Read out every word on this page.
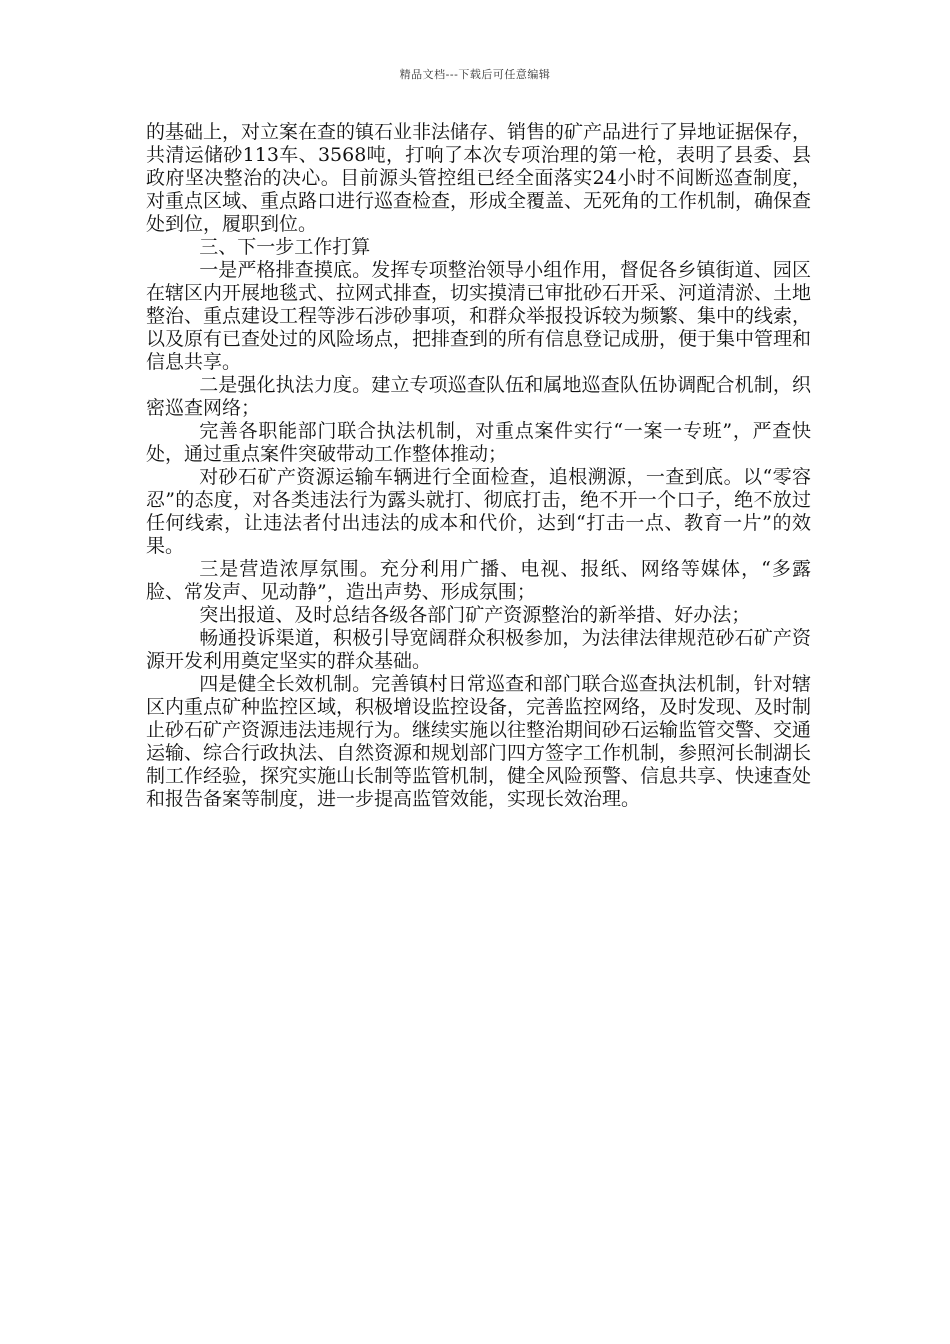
精品文档---下载后可任意编辑

的基础上，对立案在查的镇石业非法储存、销售的矿产品进行了异地证据保存，共清运储砂113车、3568吨，打响了本次专项治理的第一枪，表明了县委、县政府坚决整治的决心。目前源头管控组已经全面落实24小时不间断巡查制度，对重点区域、重点路口进行巡查检查，形成全覆盖、无死角的工作机制，确保查处到位，履职到位。

三、下一步工作打算

一是严格排查摸底。发挥专项整治领导小组作用，督促各乡镇街道、园区在辖区内开展地毯式、拉网式排查，切实摸清已审批砂石开采、河道清淤、土地整治、重点建设工程等涉石涉砂事项，和群众举报投诉较为频繁、集中的线索，以及原有已查处过的风险场点，把排查到的所有信息登记成册，便于集中管理和信息共享。

二是强化执法力度。建立专项巡查队伍和属地巡查队伍协调配合机制，织密巡查网络；

完善各职能部门联合执法机制，对重点案件实行“一案一专班”，严查快处，通过重点案件突破带动工作整体推动；

对砂石矿产资源运输车辆进行全面检查，追根溯源，一查到底。以“零容忍”的态度，对各类违法行为露头就打、彻底打击，绝不开一个口子，绝不放过任何线索，让违法者付出违法的成本和代价，达到“打击一点、教育一片”的效果。

三是营造浓厚氛围。充分利用广播、电视、报纸、网络等媒体，“多露脸、常发声、见动静”，造出声势、形成氛围；

突出报道、及时总结各级各部门矿产资源整治的新举措、好办法；

畅通投诉渠道，积极引导宽阔群众积极参加，为法律法律规范砂石矿产资源开发利用奠定坚实的群众基础。

四是健全长效机制。完善镇村日常巡查和部门联合巡查执法机制，针对辖区内重点矿种监控区域，积极增设监控设备，完善监控网络，及时发现、及时制止砂石矿产资源违法违规行为。继续实施以往整治期间砂石运输监管交警、交通运输、综合行政执法、自然资源和规划部门四方签字工作机制，参照河长制湖长制工作经验，探究实施山长制等监管机制，健全风险预警、信息共享、快速查处和报告备案等制度，进一步提高监管效能，实现长效治理。
